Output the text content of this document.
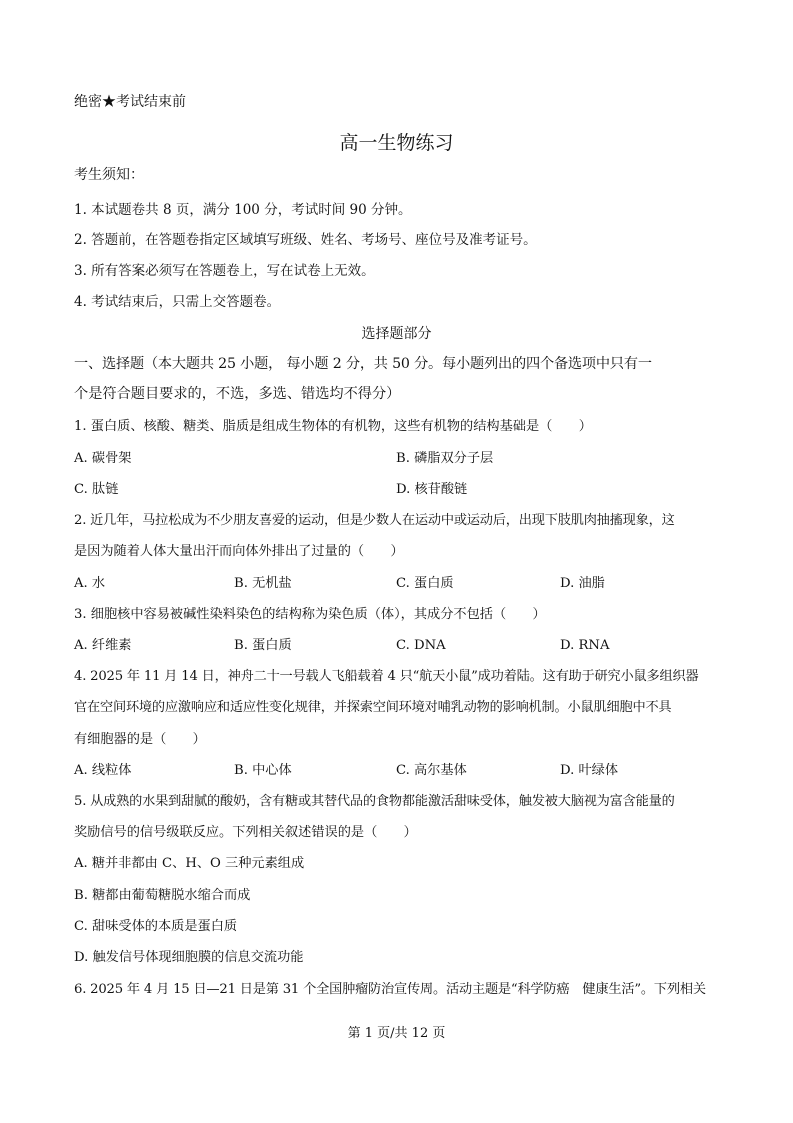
绝密★考试结束前
高一生物练习
考生须知：
1. 本试题卷共 8 页，满分 100 分，考试时间 90 分钟。
2. 答题前，在答题卷指定区域填写班级、姓名、考场号、座位号及准考证号。
3. 所有答案必须写在答题卷上，写在试卷上无效。
4. 考试结束后，只需上交答题卷。
选择题部分
一、选择题（本大题共 25 小题， 每小题 2 分，共 50 分。每小题列出的四个备选项中只有一
个是符合题目要求的，不选，多选、错选均不得分）
1. 蛋白质、核酸、糖类、脂质是组成生物体的有机物，这些有机物的结构基础是（　　）
A. 碳骨架	B. 磷脂双分子层
C. 肽链	D. 核苷酸链
2. 近几年，马拉松成为不少朋友喜爱的运动，但是少数人在运动中或运动后，出现下肢肌肉抽搐现象，这
是因为随着人体大量出汗而向体外排出了过量的（　　）
A. 水	B. 无机盐	C. 蛋白质	D. 油脂
3. 细胞核中容易被碱性染料染色的结构称为染色质（体），其成分不包括（　　）
A. 纤维素	B. 蛋白质	C. DNA	D. RNA
4. 2025 年 11 月 14 日，神舟二十一号载人飞船载着 4 只“航天小鼠”成功着陆。这有助于研究小鼠多组织器
官在空间环境的应激响应和适应性变化规律，并探索空间环境对哺乳动物的影响机制。小鼠肌细胞中不具
有细胞器的是（　　）
A. 线粒体	B. 中心体	C. 高尔基体	D. 叶绿体
5. 从成熟的水果到甜腻的酸奶，含有糖或其替代品的食物都能激活甜味受体，触发被大脑视为富含能量的
奖励信号的信号级联反应。下列相关叙述错误的是（　　）
A. 糖并非都由 C、H、O 三种元素组成
B. 糖都由葡萄糖脱水缩合而成
C. 甜味受体的本质是蛋白质
D. 触发信号体现细胞膜的信息交流功能
6. 2025 年 4 月 15 日—21 日是第 31 个全国肿瘤防治宣传周。活动主题是“科学防癌　健康生活”。下列相关
第 1 页/共 12 页
